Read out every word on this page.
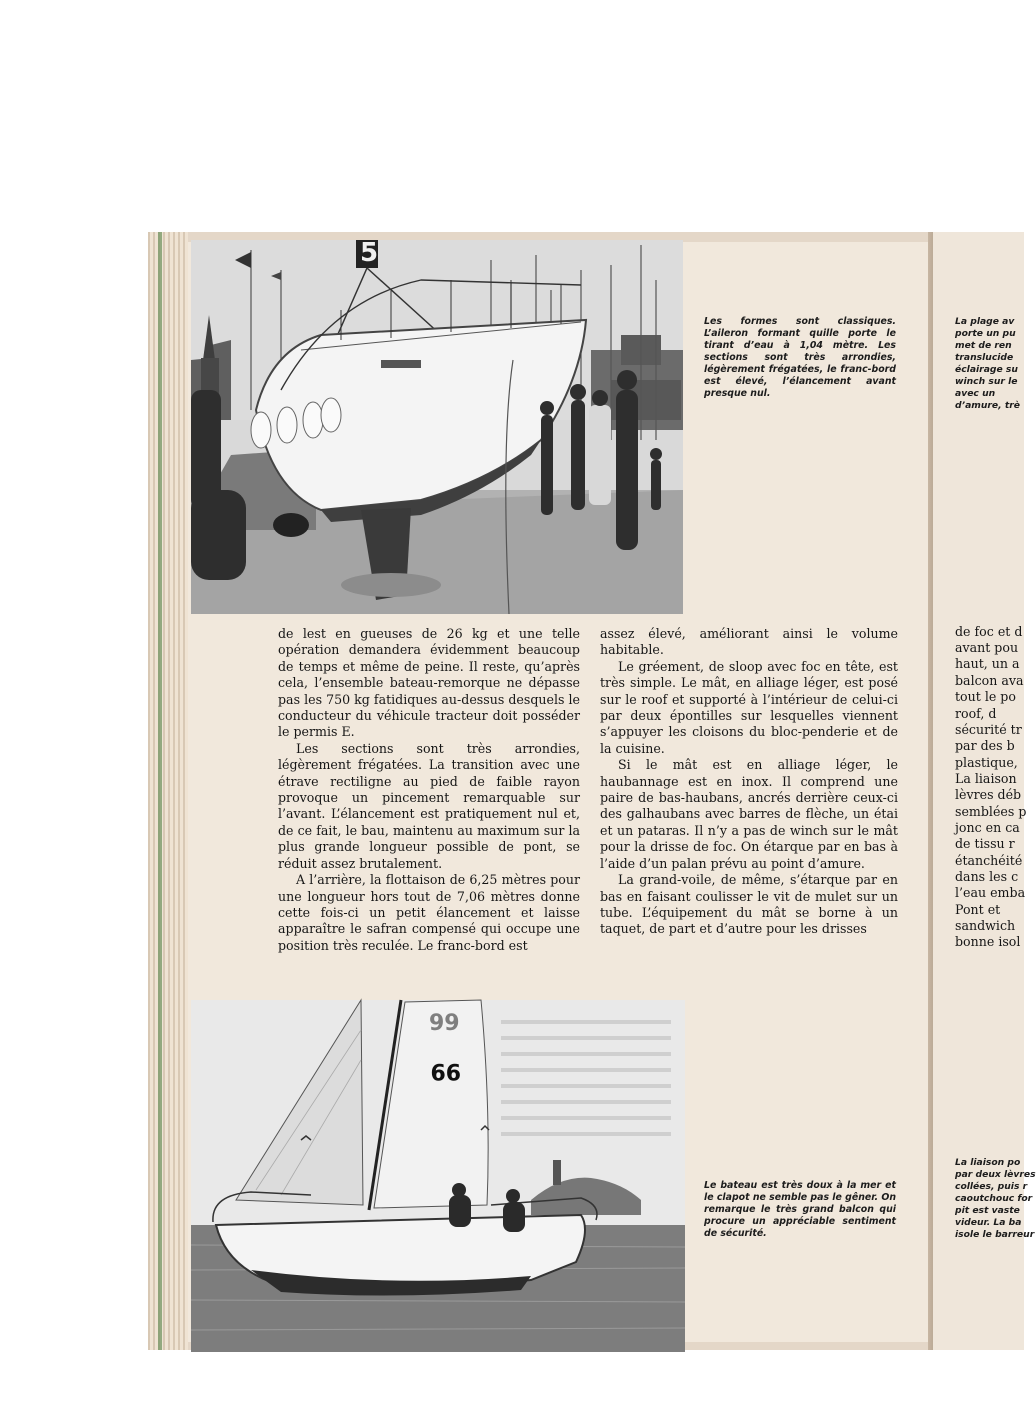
Les formes sont classiques. L’aileron formant quille porte le tirant d’eau à 1,04 mètre. Les sections sont très arrondies, légèrement frégatées, le franc-bord est élevé, l’élancement avant presque nul.

de lest en gueuses de 26 kg et une telle opération demandera évidemment beaucoup de temps et même de peine. Il reste, qu’après cela, l’ensemble bateau-remorque ne dépasse pas les 750 kg fatidiques au-dessus desquels le conducteur du véhicule tracteur doit posséder le permis E.

Les sections sont très arrondies, légèrement frégatées. La transition avec une étrave rectiligne au pied de faible rayon provoque un pincement remarquable sur l’avant. L’élancement est pratiquement nul et, de ce fait, le bau, maintenu au maximum sur la plus grande longueur possible de pont, se réduit assez brutalement.

A l’arrière, la flottaison de 6,25 mètres pour une longueur hors tout de 7,06 mètres donne cette fois-ci un petit élancement et laisse apparaître le safran compensé qui occupe une position très reculée. Le franc-bord est

assez élevé, améliorant ainsi le volume habitable.

Le gréement, de sloop avec foc en tête, est très simple. Le mât, en alliage léger, est posé sur le roof et supporté à l’intérieur de celui-ci par deux épontilles sur lesquelles viennent s’appuyer les cloisons du bloc-penderie et de la cuisine.

Si le mât est en alliage léger, le haubannage est en inox. Il comprend une paire de bas-haubans, ancrés derrière ceux-ci des galhaubans avec barres de flèche, un étai et un pataras. Il n’y a pas de winch sur le mât pour la drisse de foc. On étarque par en bas à l’aide d’un palan prévu au point d’amure.

La grand-voile, de même, s’étarque par en bas en faisant coulisser le vit de mulet sur un tube. L’équipement du mât se borne à un taquet, de part et d’autre pour les drisses

99
99

Le bateau est très doux à la mer et le clapot ne semble pas le gêner. On remarque le très grand balcon qui procure un appréciable sentiment de sécurité.

La plage av
porte un pu
met de ren
translucide
éclairage su
winch sur le
avec un
d’amure, trè
de foc et d
avant pou
haut, un a
balcon ava
tout le po
roof, d
sécurité tr
par des b
plastique,
La liaison
lèvres déb
semblées p
jonc en ca
de tissu r
étanchéité
dans les c
l’eau emba
Pont et
sandwich
bonne isol
La liaison po
par deux lèvres
collées, puis r
caoutchouc for
pit est vaste
videur. La ba
isole le barreur
5
